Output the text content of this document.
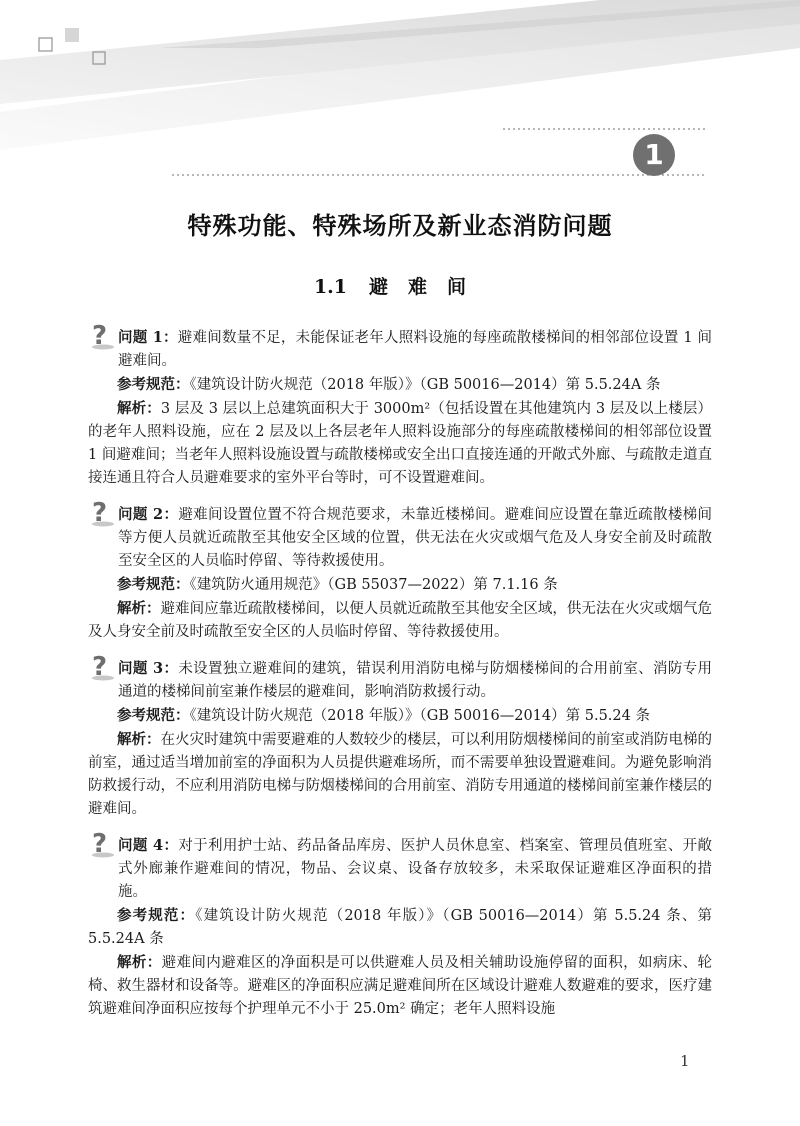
1
特殊功能、特殊场所及新业态消防问题
1.1 避难间

? 问题 1：避难间数量不足，未能保证老年人照料设施的每座疏散楼梯间的相邻部位设置 1 间避难间。

参考规范：《建筑设计防火规范（2018 年版）》（GB 50016—2014）第 5.5.24A 条

解析：3 层及 3 层以上总建筑面积大于 3000m²（包括设置在其他建筑内 3 层及以上楼层）的老年人照料设施，应在 2 层及以上各层老年人照料设施部分的每座疏散楼梯间的相邻部位设置 1 间避难间；当老年人照料设施设置与疏散楼梯或安全出口直接连通的开敞式外廊、与疏散走道直接连通且符合人员避难要求的室外平台等时，可不设置避难间。

? 问题 2：避难间设置位置不符合规范要求，未靠近楼梯间。避难间应设置在靠近疏散楼梯间等方便人员就近疏散至其他安全区域的位置，供无法在火灾或烟气危及人身安全前及时疏散至安全区的人员临时停留、等待救援使用。

参考规范：《建筑防火通用规范》（GB 55037—2022）第 7.1.16 条

解析：避难间应靠近疏散楼梯间，以便人员就近疏散至其他安全区域，供无法在火灾或烟气危及人身安全前及时疏散至安全区的人员临时停留、等待救援使用。

? 问题 3：未设置独立避难间的建筑，错误利用消防电梯与防烟楼梯间的合用前室、消防专用通道的楼梯间前室兼作楼层的避难间，影响消防救援行动。

参考规范：《建筑设计防火规范（2018 年版）》（GB 50016—2014）第 5.5.24 条

解析：在火灾时建筑中需要避难的人数较少的楼层，可以利用防烟楼梯间的前室或消防电梯的前室，通过适当增加前室的净面积为人员提供避难场所，而不需要单独设置避难间。为避免影响消防救援行动，不应利用消防电梯与防烟楼梯间的合用前室、消防专用通道的楼梯间前室兼作楼层的避难间。

? 问题 4：对于利用护士站、药品备品库房、医护人员休息室、档案室、管理员值班室、开敞式外廊兼作避难间的情况，物品、会议桌、设备存放较多，未采取保证避难区净面积的措施。

参考规范：《建筑设计防火规范（2018 年版）》（GB 50016—2014）第 5.5.24 条、第 5.5.24A 条

解析：避难间内避难区的净面积是可以供避难人员及相关辅助设施停留的面积，如病床、轮椅、救生器材和设备等。避难区的净面积应满足避难间所在区域设计避难人数避难的要求，医疗建筑避难间净面积应按每个护理单元不小于 25.0m² 确定；老年人照料设施

1
